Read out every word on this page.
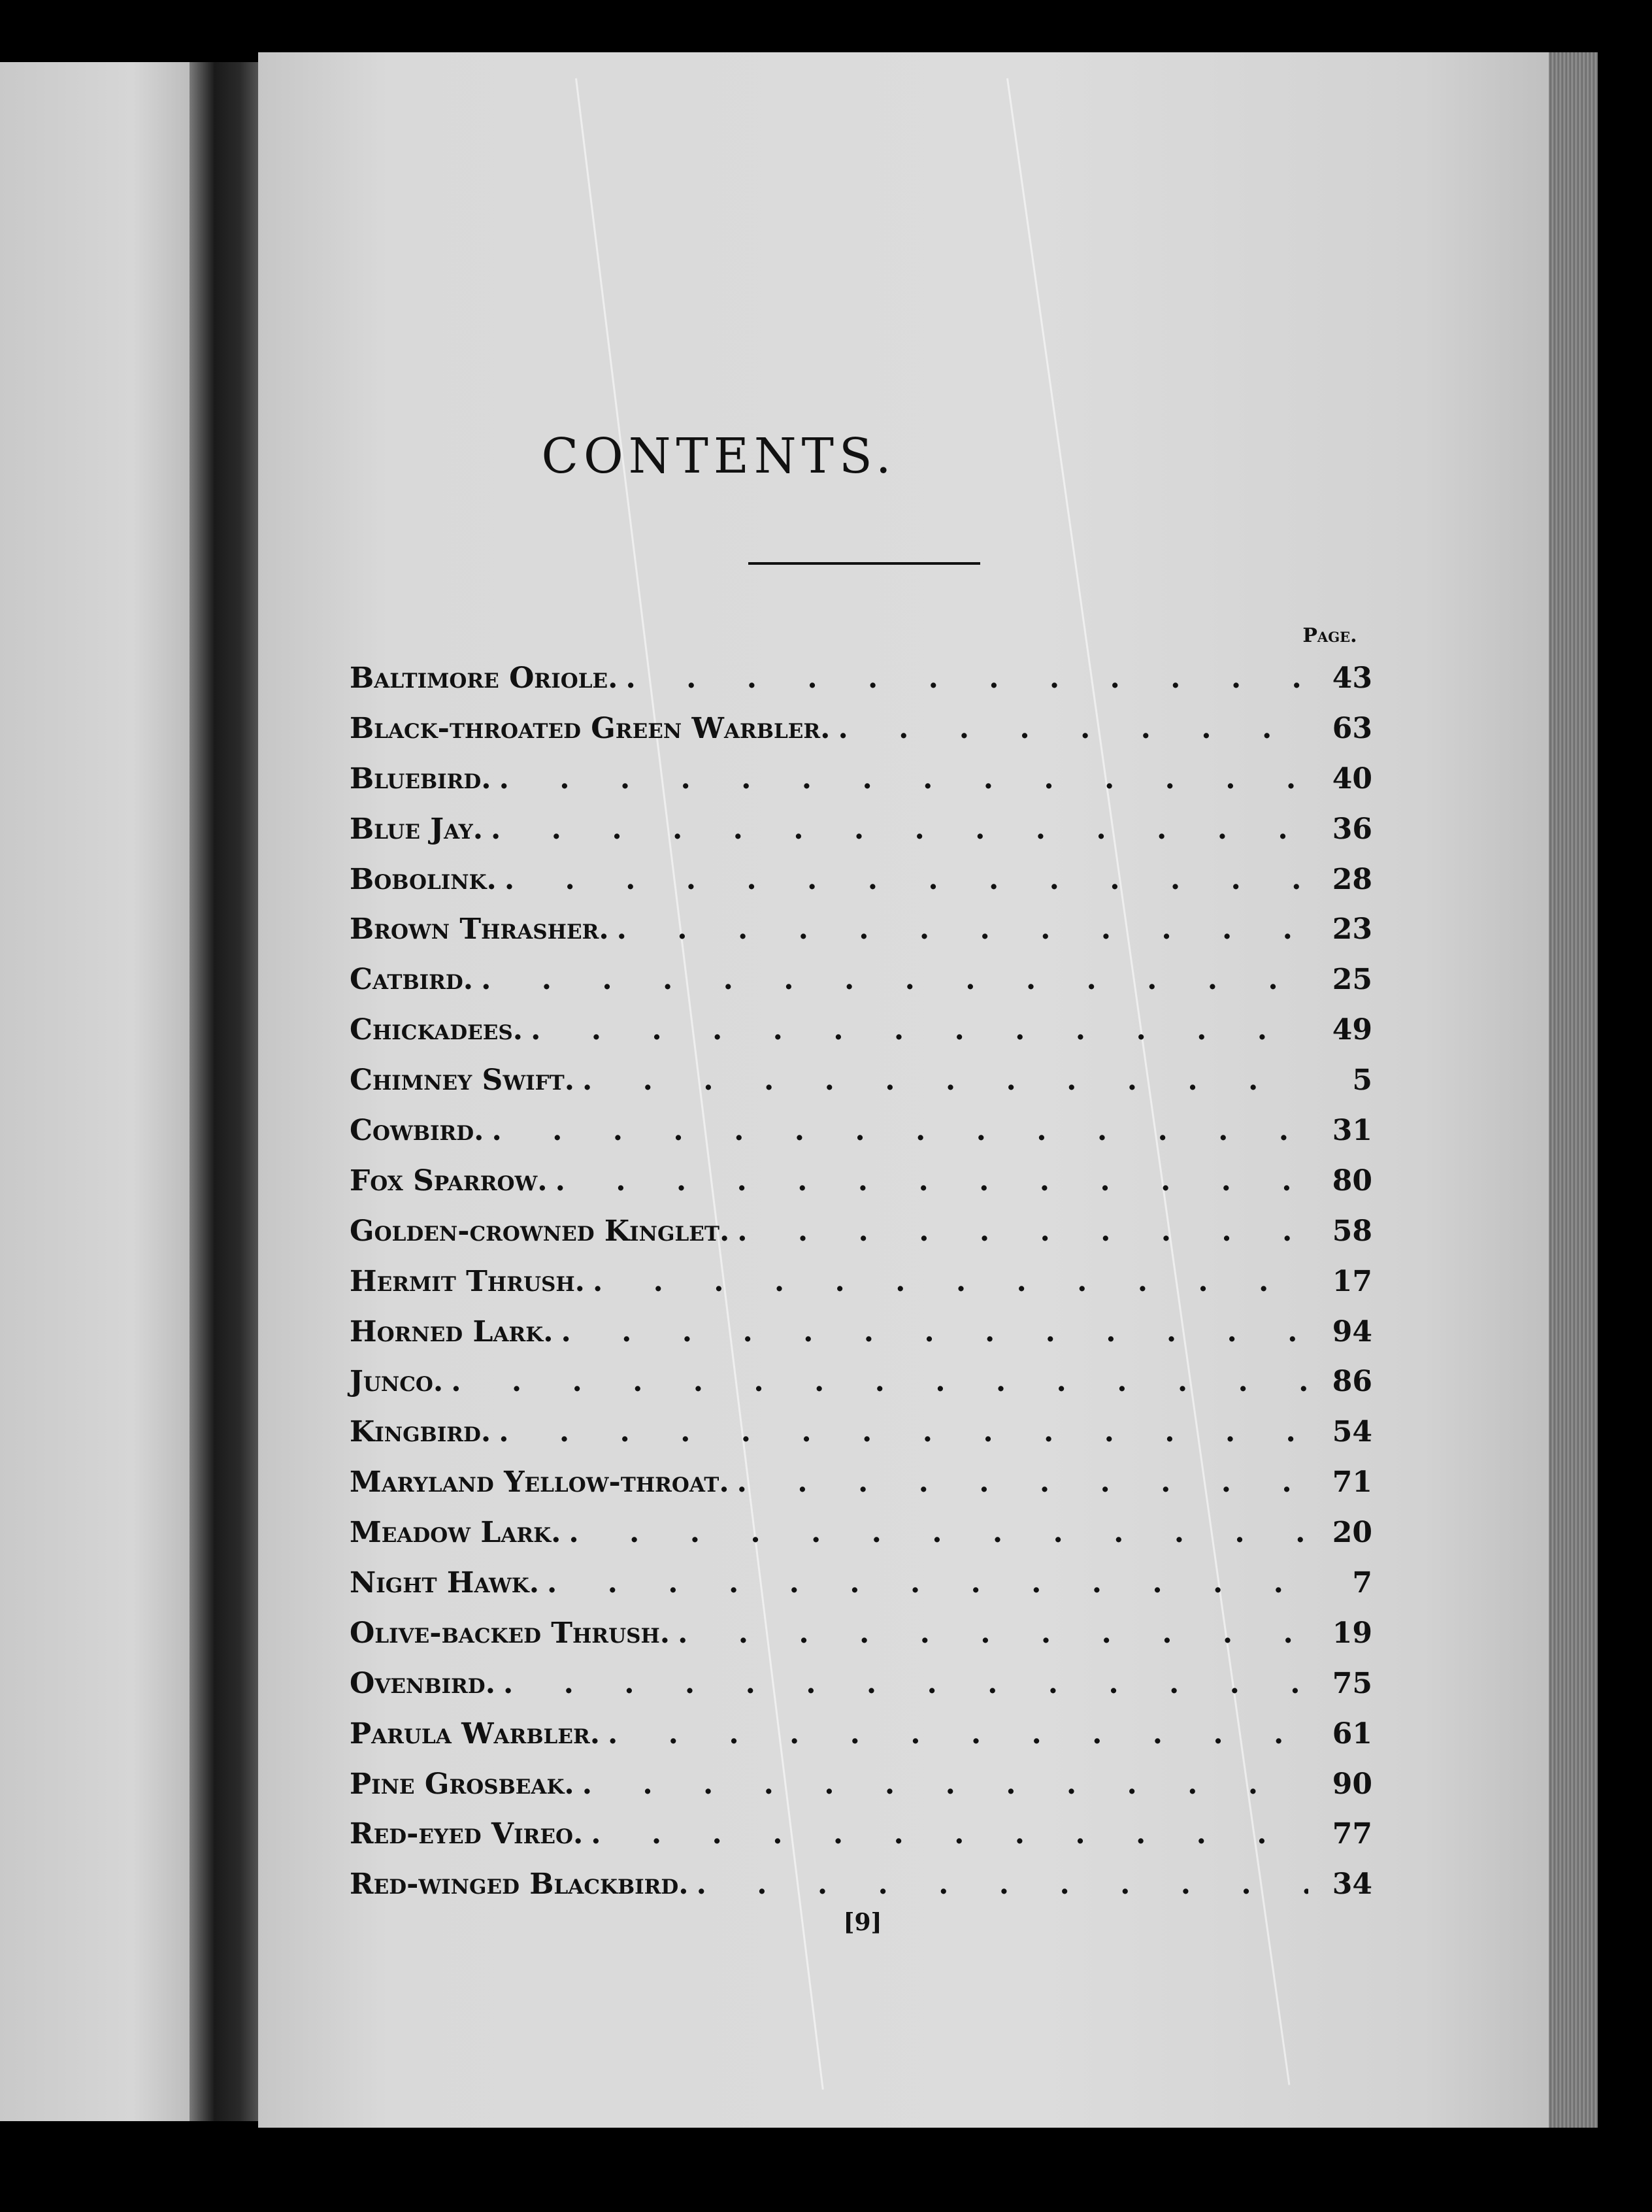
CONTENTS.
Page.
Baltimore Oriole. . . .	43
Black-throated Green Warbler. . . .	63
Bluebird. . . .	40
Blue Jay. . . .	36
Bobolink. . . .	28
Brown Thrasher. . . .	23
Catbird. . . .	25
Chickadees. . . .	49
Chimney Swift. . . .	5
Cowbird. . . .	31
Fox Sparrow. . . .	80
Golden-crowned Kinglet. . . .	58
Hermit Thrush. . . .	17
Horned Lark. . . .	94
Junco. . . .	86
Kingbird. . . .	54
Maryland Yellow-throat. . . .	71
Meadow Lark. . . .	20
Night Hawk. . . .	7
Olive-backed Thrush. . . .	19
Ovenbird. . . .	75
Parula Warbler. . . .	61
Pine Grosbeak. . . .	90
Red-eyed Vireo. . . .	77
Red-winged Blackbird. . . .	34
[9]
